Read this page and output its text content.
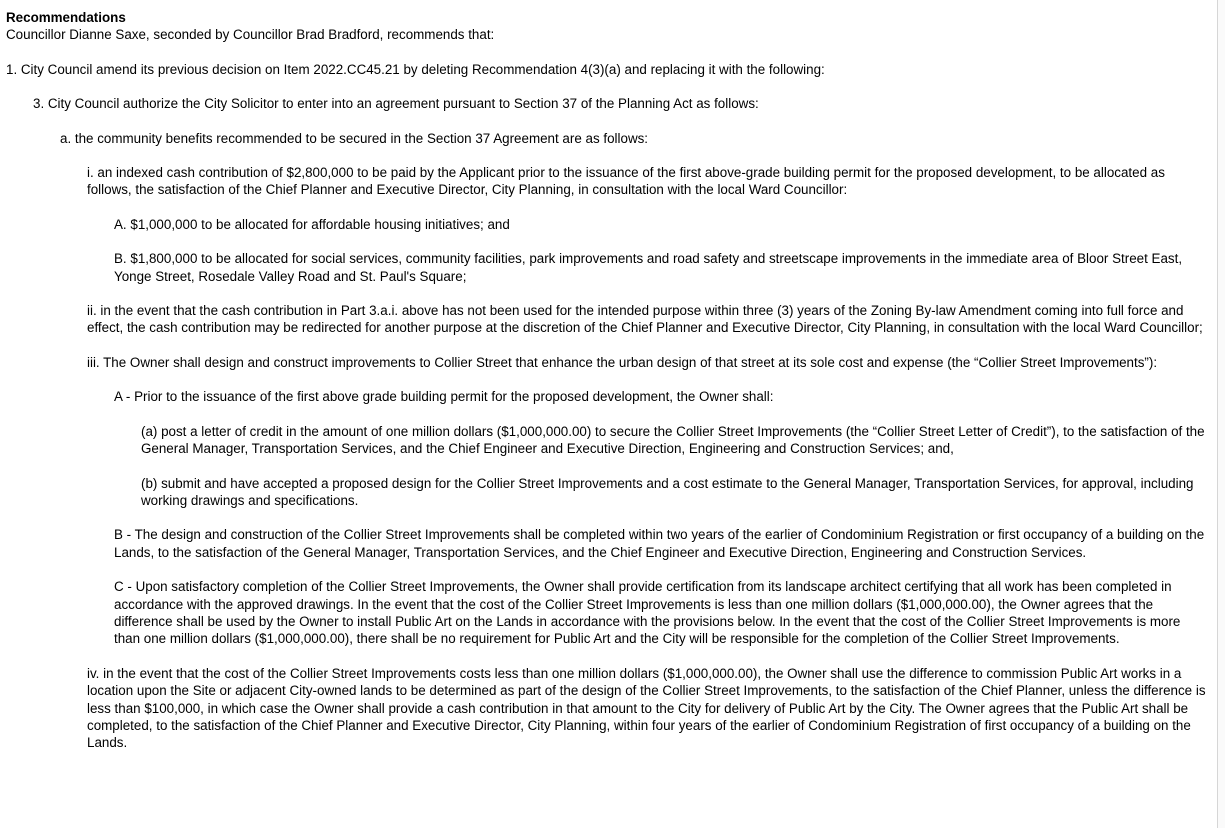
Recommendations

Councillor Dianne Saxe, seconded by Councillor Brad Bradford, recommends that:

1. City Council amend its previous decision on Item 2022.CC45.21 by deleting Recommendation 4(3)(a) and replacing it with the following:

3. City Council authorize the City Solicitor to enter into an agreement pursuant to Section 37 of the Planning Act as follows:

a. the community benefits recommended to be secured in the Section 37 Agreement are as follows:

i. an indexed cash contribution of $2,800,000 to be paid by the Applicant prior to the issuance of the first above-grade building permit for the proposed development, to be allocated as follows, the satisfaction of the Chief Planner and Executive Director, City Planning, in consultation with the local Ward Councillor:

A. $1,000,000 to be allocated for affordable housing initiatives; and

B. $1,800,000 to be allocated for social services, community facilities, park improvements and road safety and streetscape improvements in the immediate area of Bloor Street East, Yonge Street, Rosedale Valley Road and St. Paul's Square;

ii. in the event that the cash contribution in Part 3.a.i. above has not been used for the intended purpose within three (3) years of the Zoning By-law Amendment coming into full force and effect, the cash contribution may be redirected for another purpose at the discretion of the Chief Planner and Executive Director, City Planning, in consultation with the local Ward Councillor;

iii. The Owner shall design and construct improvements to Collier Street that enhance the urban design of that street at its sole cost and expense (the “Collier Street Improvements”):

A - Prior to the issuance of the first above grade building permit for the proposed development, the Owner shall:

(a) post a letter of credit in the amount of one million dollars ($1,000,000.00) to secure the Collier Street Improvements (the “Collier Street Letter of Credit”), to the satisfaction of the General Manager, Transportation Services, and the Chief Engineer and Executive Direction, Engineering and Construction Services; and,

(b) submit and have accepted a proposed design for the Collier Street Improvements and a cost estimate to the General Manager, Transportation Services, for approval, including working drawings and specifications.

B - The design and construction of the Collier Street Improvements shall be completed within two years of the earlier of Condominium Registration or first occupancy of a building on the Lands, to the satisfaction of the General Manager, Transportation Services, and the Chief Engineer and Executive Direction, Engineering and Construction Services.

C - Upon satisfactory completion of the Collier Street Improvements, the Owner shall provide certification from its landscape architect certifying that all work has been completed in accordance with the approved drawings. In the event that the cost of the Collier Street Improvements is less than one million dollars ($1,000,000.00), the Owner agrees that the difference shall be used by the Owner to install Public Art on the Lands in accordance with the provisions below. In the event that the cost of the Collier Street Improvements is more than one million dollars ($1,000,000.00), there shall be no requirement for Public Art and the City will be responsible for the completion of the Collier Street Improvements.

iv. in the event that the cost of the Collier Street Improvements costs less than one million dollars ($1,000,000.00), the Owner shall use the difference to commission Public Art works in a location upon the Site or adjacent City-owned lands to be determined as part of the design of the Collier Street Improvements, to the satisfaction of the Chief Planner, unless the difference is less than $100,000, in which case the Owner shall provide a cash contribution in that amount to the City for delivery of Public Art by the City. The Owner agrees that the Public Art shall be completed, to the satisfaction of the Chief Planner and Executive Director, City Planning, within four years of the earlier of Condominium Registration of first occupancy of a building on the Lands.
